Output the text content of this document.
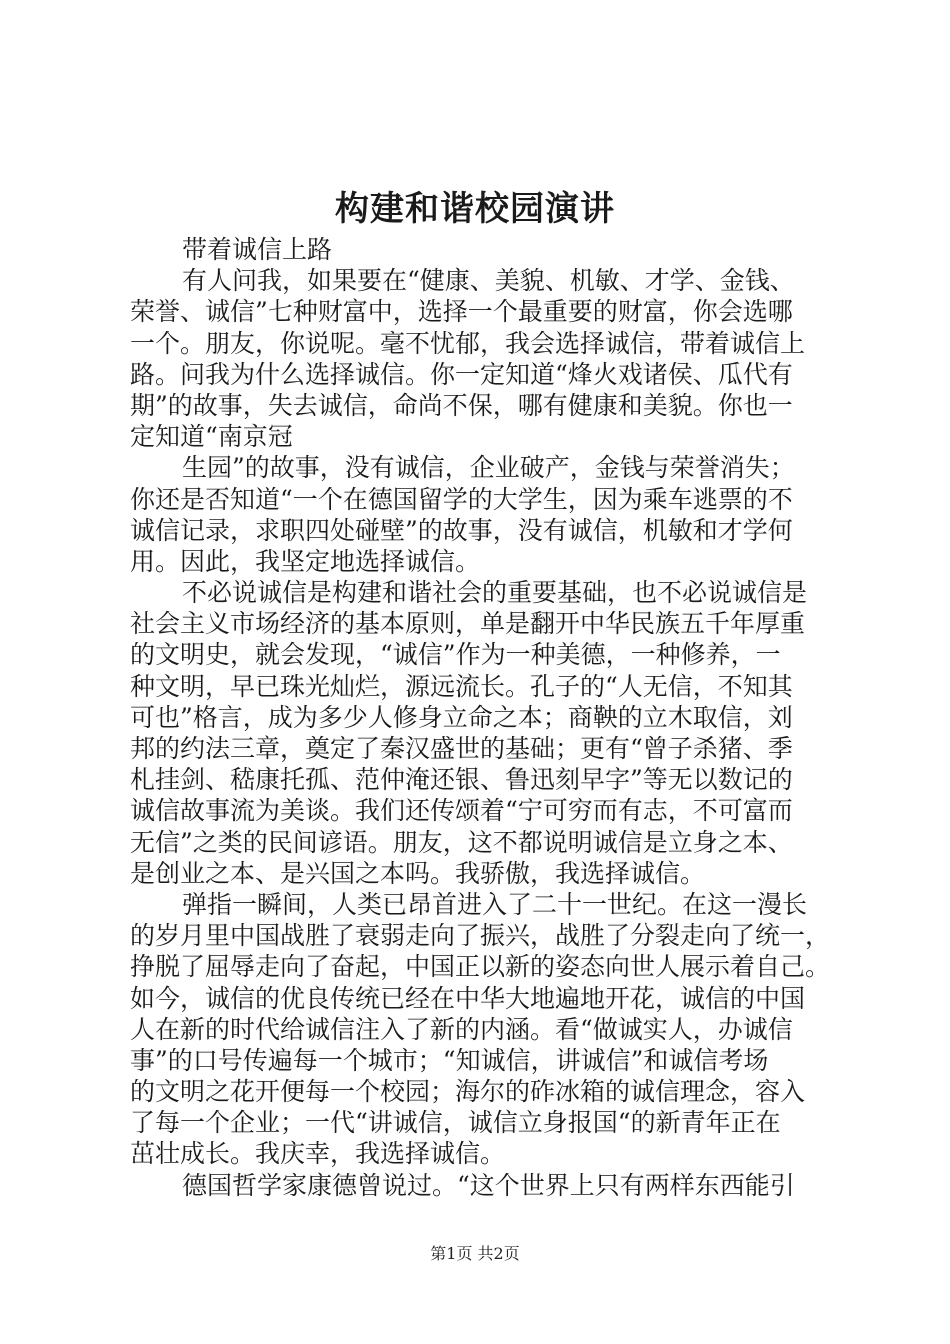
构建和谐校园演讲
带着诚信上路
有人问我，如果要在“健康、美貌、机敏、才学、金钱、
荣誉、诚信”七种财富中，选择一个最重要的财富，你会选哪
一个。朋友，你说呢。毫不忧郁，我会选择诚信，带着诚信上
路。问我为什么选择诚信。你一定知道“烽火戏诸侯、瓜代有
期”的故事，失去诚信，命尚不保，哪有健康和美貌。你也一
定知道“南京冠
生园”的故事，没有诚信，企业破产，金钱与荣誉消失；
你还是否知道“一个在德国留学的大学生，因为乘车逃票的不
诚信记录，求职四处碰壁”的故事，没有诚信，机敏和才学何
用。因此，我坚定地选择诚信。
不必说诚信是构建和谐社会的重要基础，也不必说诚信是
社会主义市场经济的基本原则，单是翻开中华民族五千年厚重
的文明史，就会发现，“诚信”作为一种美德，一种修养，一
种文明，早已珠光灿烂，源远流长。孔子的“人无信，不知其
可也”格言，成为多少人修身立命之本；商鞅的立木取信，刘
邦的约法三章，奠定了秦汉盛世的基础；更有“曾子杀猪、季
札挂剑、嵇康托孤、范仲淹还银、鲁迅刻早字”等无以数记的
诚信故事流为美谈。我们还传颂着“宁可穷而有志，不可富而
无信”之类的民间谚语。朋友，这不都说明诚信是立身之本、
是创业之本、是兴国之本吗。我骄傲，我选择诚信。
弹指一瞬间，人类已昂首进入了二十一世纪。在这一漫长
的岁月里中国战胜了衰弱走向了振兴，战胜了分裂走向了统一，
挣脱了屈辱走向了奋起，中国正以新的姿态向世人展示着自己。
如今，诚信的优良传统已经在中华大地遍地开花，诚信的中国
人在新的时代给诚信注入了新的内涵。看“做诚实人，办诚信
事”的口号传遍每一个城市；“知诚信，讲诚信”和诚信考场
的文明之花开便每一个校园；海尔的砟冰箱的诚信理念，容入
了每一个企业；一代“讲诚信，诚信立身报国“的新青年正在
茁壮成长。我庆幸，我选择诚信。
德国哲学家康德曾说过。“这个世界上只有两样东西能引
第1页 共2页
